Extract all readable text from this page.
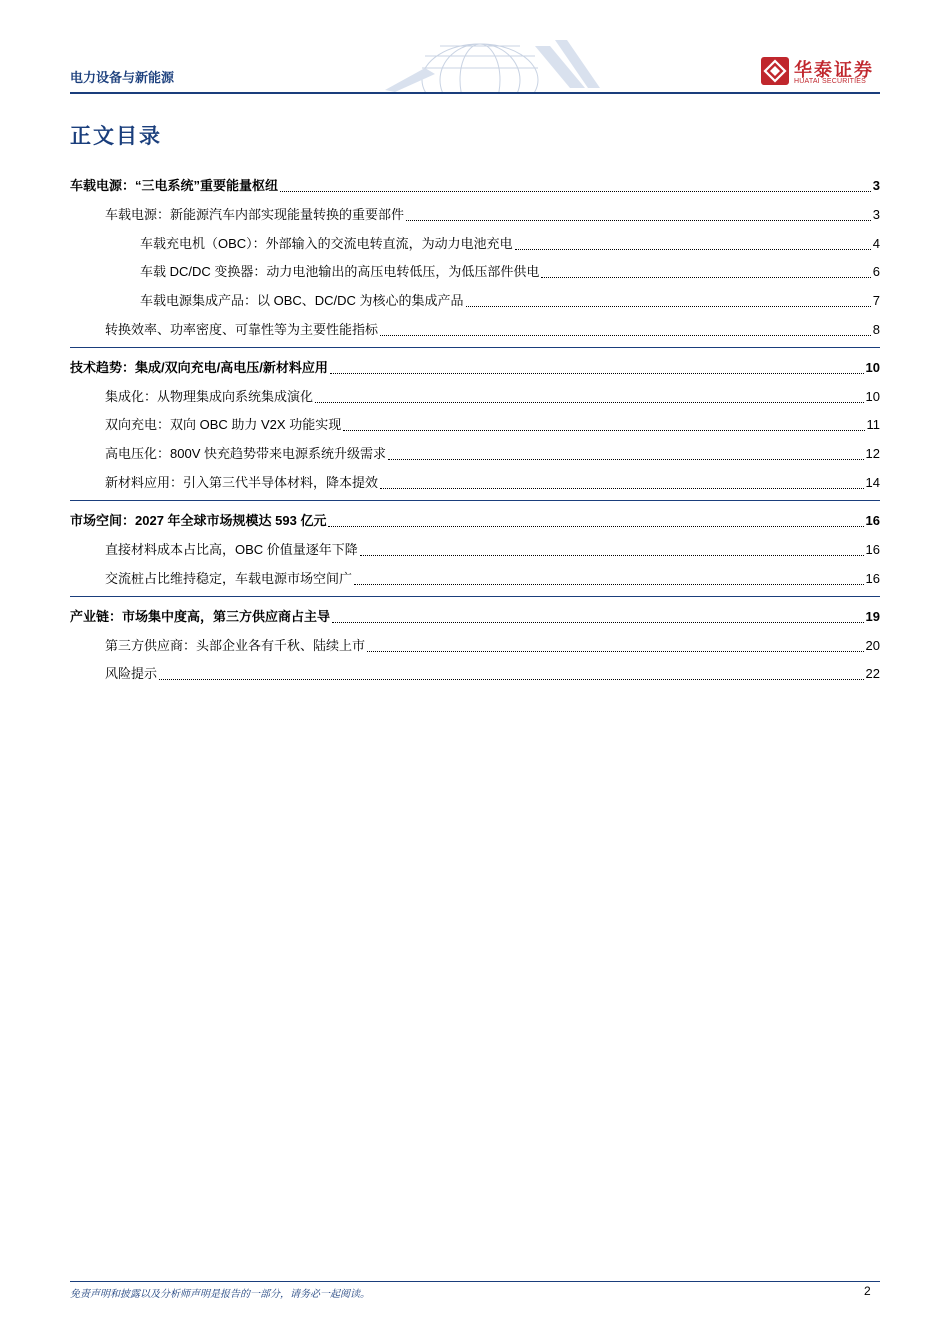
电力设备与新能源	华泰证券
HUATAI SECURITIES
正文目录
车载电源：“三电系统”重要能量枢纽	3
车载电源：新能源汽车内部实现能量转换的重要部件	3
车载充电机（OBC）：外部输入的交流电转直流，为动力电池充电	4
车载 DC/DC 变换器：动力电池输出的高压电转低压，为低压部件供电	6
车载电源集成产品：以 OBC、DC/DC 为核心的集成产品	7
转换效率、功率密度、可靠性等为主要性能指标	8
技术趋势：集成/双向充电/高电压/新材料应用	10
集成化：从物理集成向系统集成演化	10
双向充电：双向 OBC 助力 V2X 功能实现	11
高电压化：800V 快充趋势带来电源系统升级需求	12
新材料应用：引入第三代半导体材料，降本提效	14
市场空间：2027 年全球市场规模达 593 亿元	16
直接材料成本占比高，OBC 价值量逐年下降	16
交流桩占比维持稳定，车载电源市场空间广	16
产业链：市场集中度高，第三方供应商占主导	19
第三方供应商：头部企业各有千秋、陆续上市	20
风险提示	22
免责声明和披露以及分析师声明是报告的一部分，请务必一起阅读。	2
